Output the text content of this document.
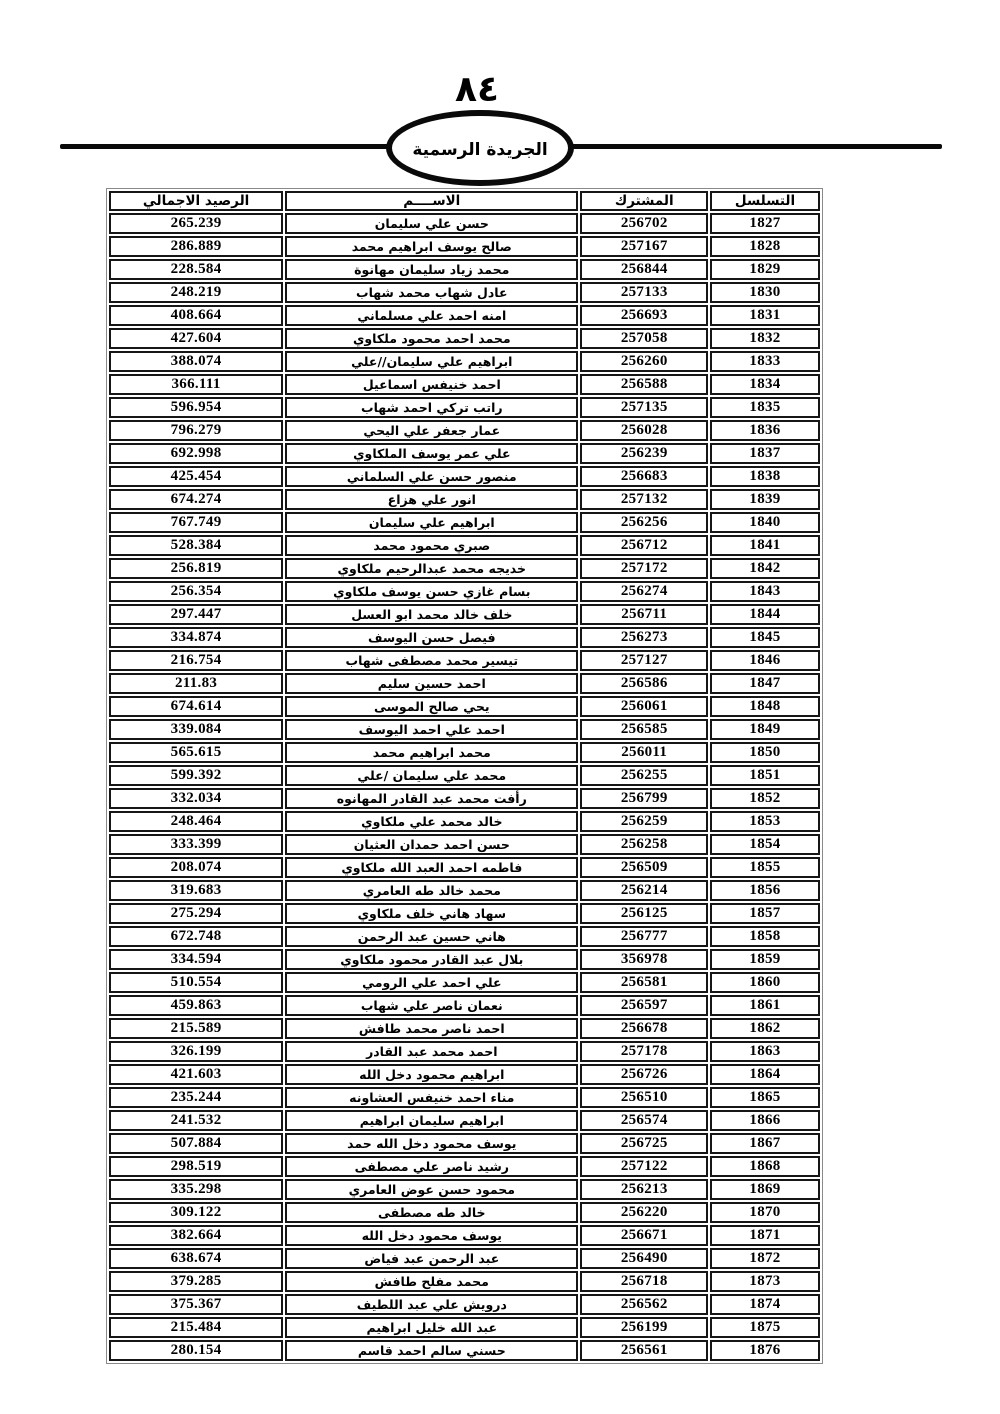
٨٤
الجريدة الرسمية
التسلسل	المشترك	الاســــم	الرصيد الاجمالي
1827	256702	حسن علي سليمان	265.239
1828	257167	صالح يوسف ابراهيم محمد	286.889
1829	256844	محمد زياد سليمان مهانوة	228.584
1830	257133	عادل شهاب محمد شهاب	248.219
1831	256693	امنه احمد علي مسلماني	408.664
1832	257058	محمد احمد محمود ملكاوي	427.604
1833	256260	ابراهيم علي سليمان//علي	388.074
1834	256588	احمد خنيفس اسماعيل	366.111
1835	257135	راتب تركي احمد شهاب	596.954
1836	256028	عمار جعفر علي اليحي	796.279
1837	256239	علي عمر يوسف الملكاوي	692.998
1838	256683	منصور حسن علي السلماني	425.454
1839	257132	انور علي هزاع	674.274
1840	256256	ابراهيم علي سليمان	767.749
1841	256712	صبري محمود محمد	528.384
1842	257172	خديجه محمد عبدالرحيم ملكاوي	256.819
1843	256274	بسام غازي حسن يوسف ملكاوي	256.354
1844	256711	خلف خالد محمد ابو العسل	297.447
1845	256273	فيصل حسن اليوسف	334.874
1846	257127	تيسير محمد مصطفى شهاب	216.754
1847	256586	احمد حسين سليم	211.83
1848	256061	يحي صالح الموسى	674.614
1849	256585	احمد علي احمد اليوسف	339.084
1850	256011	محمد ابراهيم محمد	565.615
1851	256255	محمد علي سليمان /علي	599.392
1852	256799	رأفت محمد عبد القادر المهانوه	332.034
1853	256259	خالد محمد علي ملكاوي	248.464
1854	256258	حسن احمد حمدان العثيان	333.399
1855	256509	فاطمه احمد العبد الله ملكاوي	208.074
1856	256214	محمد خالد طه العامري	319.683
1857	256125	سهاد هاني خلف ملكاوي	275.294
1858	256777	هاني حسين عبد الرحمن	672.748
1859	356978	بلال عبد القادر محمود ملكاوي	334.594
1860	256581	علي احمد علي الرومي	510.554
1861	256597	نعمان ناصر علي شهاب	459.863
1862	256678	احمد ناصر محمد طافش	215.589
1863	257178	احمد محمد عبد القادر	326.199
1864	256726	ابراهيم محمود دخل الله	421.603
1865	256510	مناء احمد خنيفس العشاونه	235.244
1866	256574	ابراهيم سليمان ابراهيم	241.532
1867	256725	يوسف محمود دخل الله حمد	507.884
1868	257122	رشيد ناصر علي مصطفى	298.519
1869	256213	محمود حسن عوض العامري	335.298
1870	256220	خالد طه مصطفى	309.122
1871	256671	يوسف محمود دخل الله	382.664
1872	256490	عبد الرحمن عبد فياض	638.674
1873	256718	محمد مفلح طافش	379.285
1874	256562	درويش علي عبد اللطيف	375.367
1875	256199	عبد الله خليل ابراهيم	215.484
1876	256561	حسني سالم احمد قاسم	280.154
